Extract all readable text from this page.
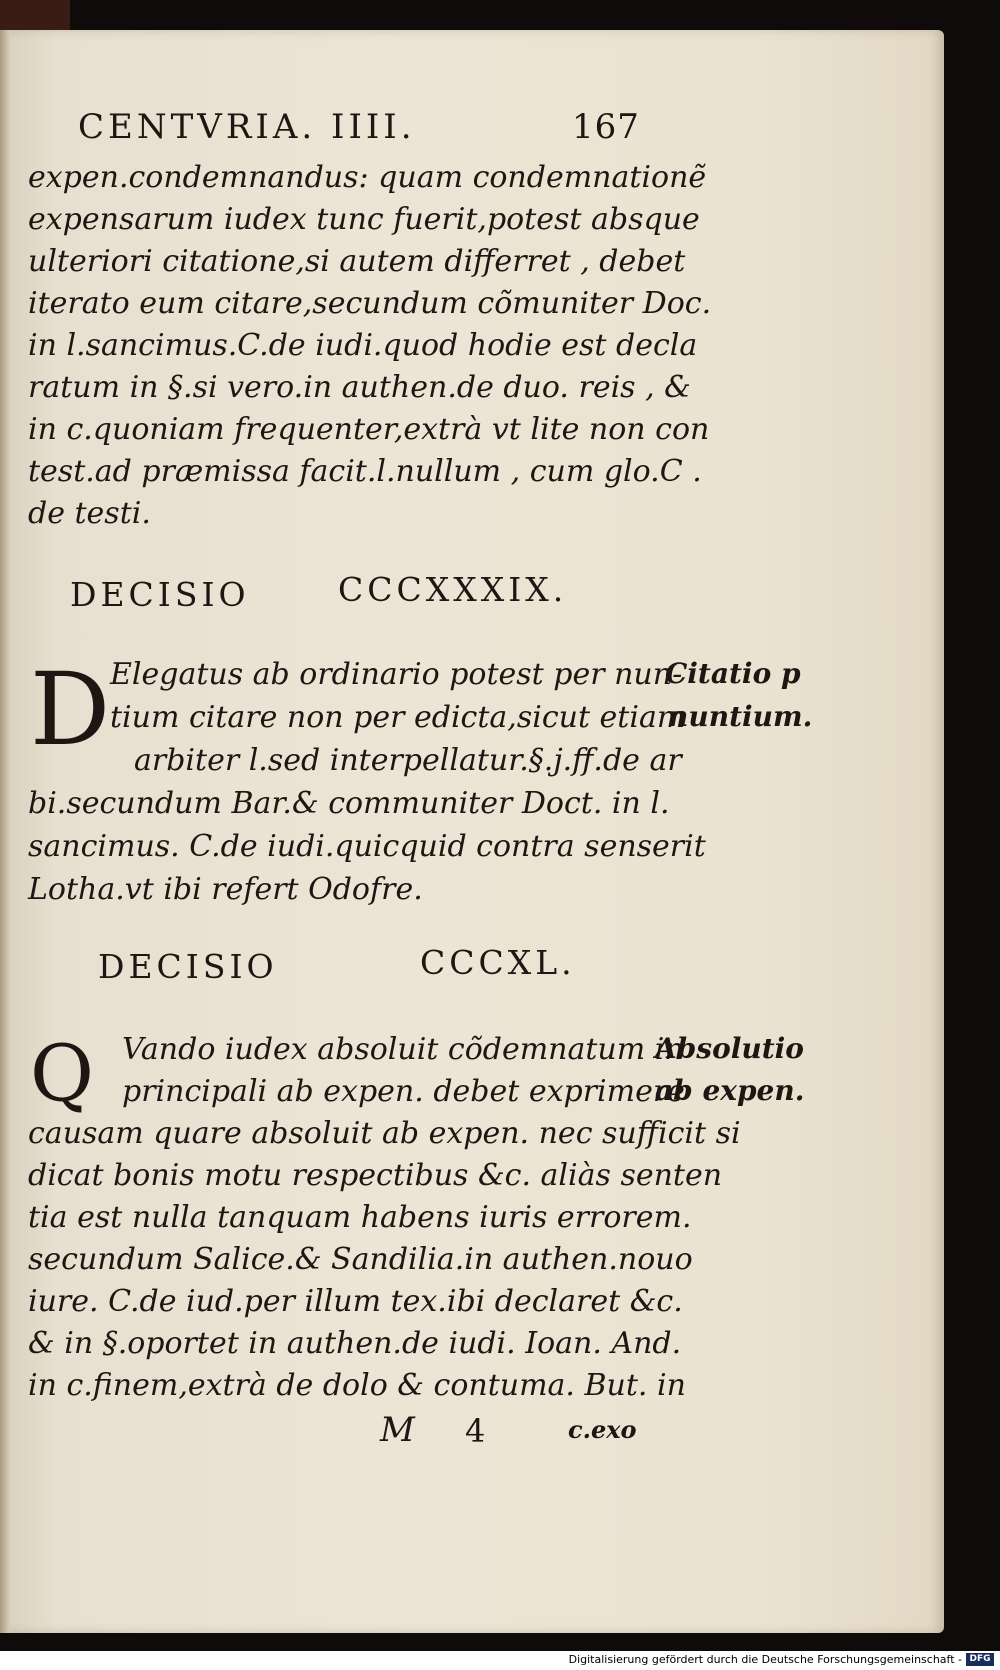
CENTVRIA. IIII.	167
expen.condemnandus: quam condemnationẽ
expensarum iudex tunc fuerit,potest absque
ulteriori citatione,si autem differret , debet
iterato eum citare,secundum cõmuniter Doc.
in l.sancimus.C.de iudi.quod hodie est decla
ratum in §.si vero.in authen.de duo. reis , &
in c.quoniam frequenter,extrà vt lite non con
test.ad præmissa facit.l.nullum , cum glo.C .
de testi.
DECISIO	CCCXXXIX.
D Elegatus ab ordinario potest per nun-
tium citare non per edicta,sicut etiam
arbiter l.sed interpellatur.§.j.ff.de ar
bi.secundum Bar.& communiter Doct. in l.
sancimus. C.de iudi.quicquid contra senserit
Lotha.vt ibi refert Odofre.
Citatio p
nuntium.
DECISIO	CCCXL.
Q Vando iudex absoluit cõdemnatum in
principali ab expen. debet exprimere
causam quare absoluit ab expen. nec sufficit si
dicat bonis motu respectibus &c. aliàs senten
tia est nulla tanquam habens iuris errorem.
secundum Salice.& Sandilia.in authen.nouo
iure. C.de iud.per illum tex.ibi declaret &c.
& in §.oportet in authen.de iudi. Ioan. And.
in c.finem,extrà de dolo & contuma. But. in
Absolutio
ab expen.
M 4	c.exo
Digitalisierung gefördert durch die Deutsche Forschungsgemeinschaft - DFG
